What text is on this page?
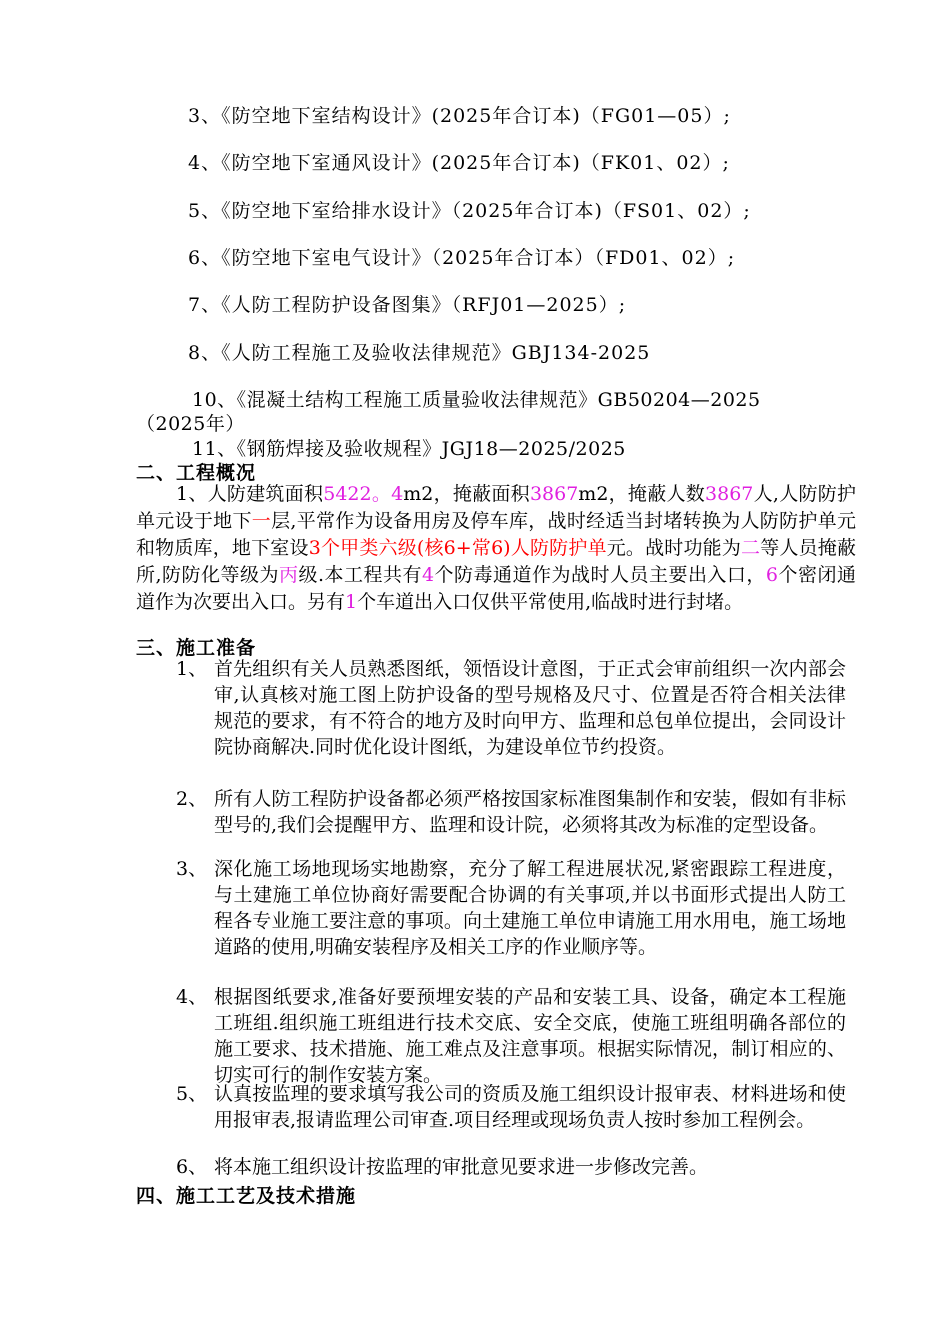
3、《防空地下室结构设计》(2025年合订本)（FG01—05）;
4、《防空地下室通风设计》(2025年合订本)（FK01、02）;
5、《防空地下室给排水设计》（2025年合订本)（FS01、02）;
6、《防空地下室电气设计》（2025年合订本）（FD01、02）;
7、《人防工程防护设备图集》（RFJ01—2025）;
8、《人防工程施工及验收法律规范》GBJ134-2025
10、《混凝土结构工程施工质量验收法律规范》GB50204—2025
（2025年）
11、《钢筋焊接及验收规程》JGJ18—2025/2025
二、工程概况
1、人防建筑面积5422。4m2，掩蔽面积3867m2，掩蔽人数3867人,人防防护单元设于地下一层,平常作为设备用房及停车库，战时经适当封堵转换为人防防护单元和物质库，地下室设3个甲类六级(核6+常6)人防防护单元。战时功能为二等人员掩蔽所,防防化等级为丙级.本工程共有4个防毒通道作为战时人员主要出入口，6个密闭通道作为次要出入口。另有1个车道出入口仅供平常使用,临战时进行封堵。
三、施工准备
1、 首先组织有关人员熟悉图纸，领悟设计意图，于正式会审前组织一次内部会审,认真核对施工图上防护设备的型号规格及尺寸、位置是否符合相关法律规范的要求，有不符合的地方及时向甲方、监理和总包单位提出，会同设计院协商解决.同时优化设计图纸，为建设单位节约投资。
2、 所有人防工程防护设备都必须严格按国家标准图集制作和安装，假如有非标型号的,我们会提醒甲方、监理和设计院，必须将其改为标准的定型设备。
3、 深化施工场地现场实地勘察，充分了解工程进展状况,紧密跟踪工程进度，与土建施工单位协商好需要配合协调的有关事项,并以书面形式提出人防工程各专业施工要注意的事项。向土建施工单位申请施工用水用电，施工场地道路的使用,明确安装程序及相关工序的作业顺序等。
4、 根据图纸要求,准备好要预埋安装的产品和安装工具、设备，确定本工程施工班组.组织施工班组进行技术交底、安全交底，使施工班组明确各部位的施工要求、技术措施、施工难点及注意事项。根据实际情况，制订相应的、切实可行的制作安装方案。
5、 认真按监理的要求填写我公司的资质及施工组织设计报审表、材料进场和使用报审表,报请监理公司审查.项目经理或现场负责人按时参加工程例会。
6、 将本施工组织设计按监理的审批意见要求进一步修改完善。
四、施工工艺及技术措施
